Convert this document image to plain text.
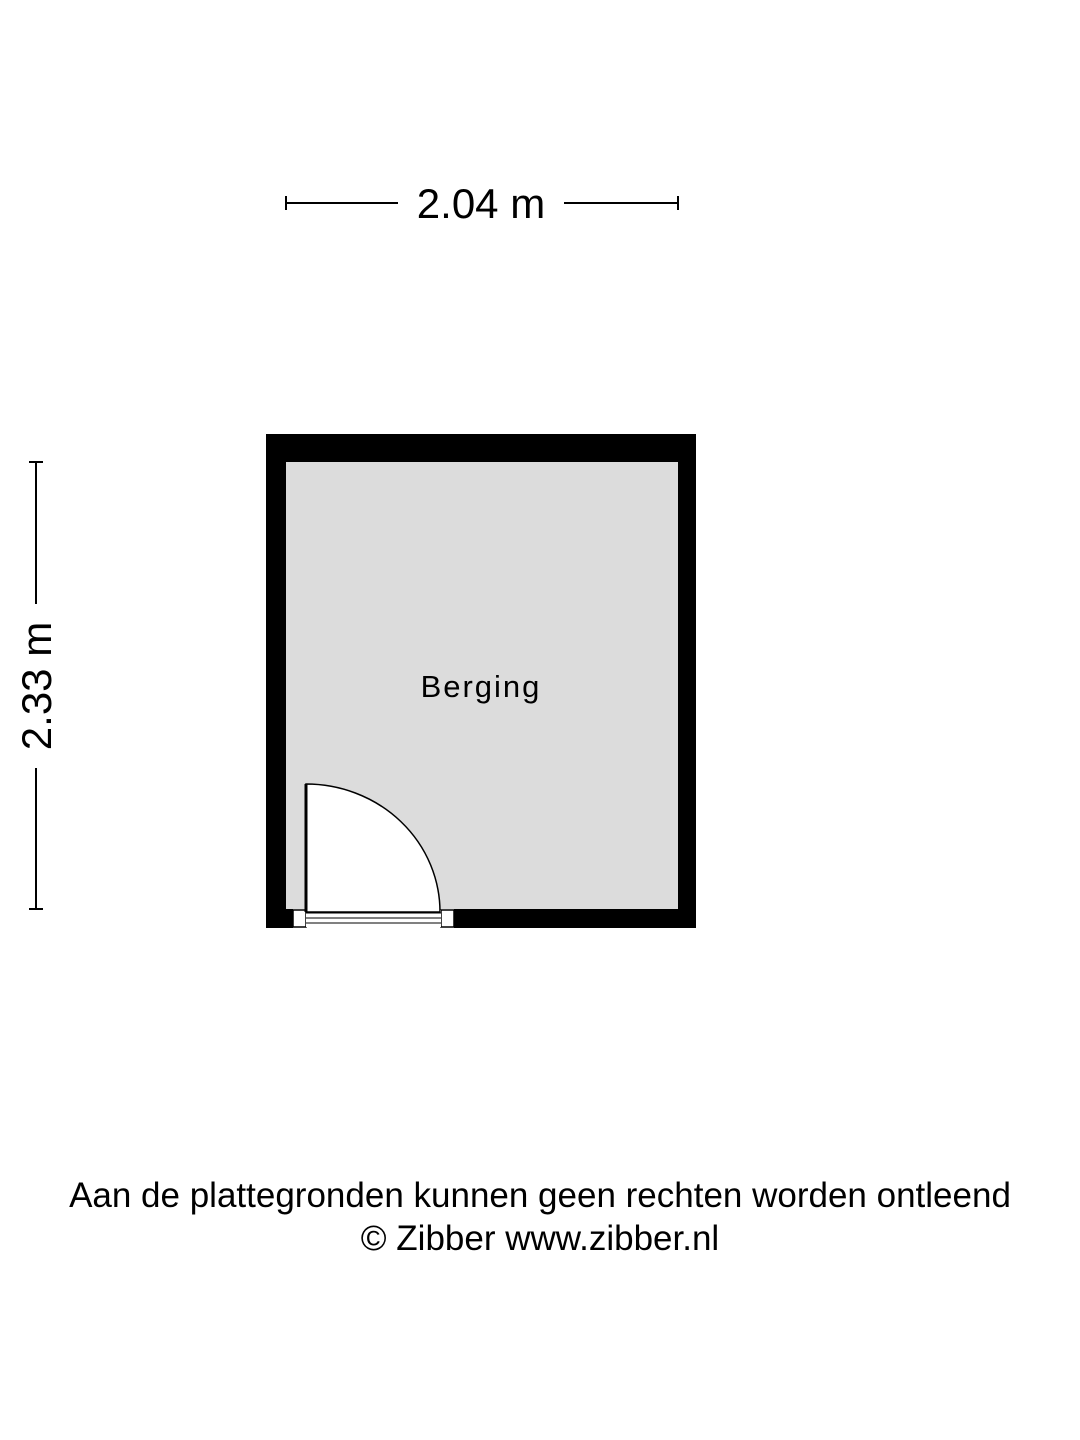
2.04 m
2.33 m	Berging
Aan de plattegronden kunnen geen rechten worden ontleend
© Zibber www.zibber.nl
